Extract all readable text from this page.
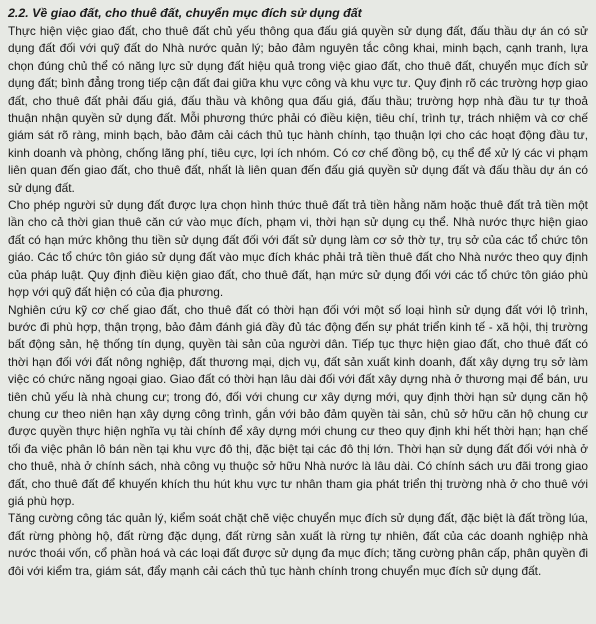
2.2. Về giao đất, cho thuê đất, chuyển mục đích sử dụng đất

Thực hiện việc giao đất, cho thuê đất chủ yếu thông qua đấu giá quyền sử dụng đất, đấu thầu dự án có sử dụng đất đối với quỹ đất do Nhà nước quản lý; bảo đảm nguyên tắc công khai, minh bạch, cạnh tranh, lựa chọn đúng chủ thể có năng lực sử dụng đất hiệu quả trong việc giao đất, cho thuê đất, chuyển mục đích sử dụng đất; bình đẳng trong tiếp cận đất đai giữa khu vực công và khu vực tư. Quy định rõ các trường hợp giao đất, cho thuê đất phải đấu giá, đấu thầu và không qua đấu giá, đấu thầu; trường hợp nhà đầu tư tự thoả thuận nhận quyền sử dụng đất. Mỗi phương thức phải có điều kiện, tiêu chí, trình tự, trách nhiệm và cơ chế giám sát rõ ràng, minh bạch, bảo đảm cải cách thủ tục hành chính, tạo thuận lợi cho các hoạt động đầu tư, kinh doanh và phòng, chống lãng phí, tiêu cực, lợi ích nhóm. Có cơ chế đồng bộ, cụ thể để xử lý các vi phạm liên quan đến giao đất, cho thuê đất, nhất là liên quan đến đấu giá quyền sử dụng đất và đấu thầu dự án có sử dụng đất.

Cho phép người sử dụng đất được lựa chọn hình thức thuê đất trả tiền hằng năm hoặc thuê đất trả tiền một lần cho cả thời gian thuê căn cứ vào mục đích, phạm vi, thời hạn sử dụng cụ thể. Nhà nước thực hiện giao đất có hạn mức không thu tiền sử dụng đất đối với đất sử dụng làm cơ sở thờ tự, trụ sở của các tổ chức tôn giáo. Các tổ chức tôn giáo sử dụng đất vào mục đích khác phải trả tiền thuê đất cho Nhà nước theo quy định của pháp luật. Quy định điều kiện giao đất, cho thuê đất, hạn mức sử dụng đối với các tổ chức tôn giáo phù hợp với quỹ đất hiện có của địa phương.

Nghiên cứu kỹ cơ chế giao đất, cho thuê đất có thời hạn đối với một số loại hình sử dụng đất với lộ trình, bước đi phù hợp, thận trọng, bảo đảm đánh giá đầy đủ tác động đến sự phát triển kinh tế - xã hội, thị trường bất động sản, hệ thống tín dụng, quyền tài sản của người dân. Tiếp tục thực hiện giao đất, cho thuê đất có thời hạn đối với đất nông nghiệp, đất thương mại, dịch vụ, đất sản xuất kinh doanh, đất xây dựng trụ sở làm việc có chức năng ngoại giao. Giao đất có thời hạn lâu dài đối với đất xây dựng nhà ở thương mại để bán, ưu tiên chủ yếu là nhà chung cư; trong đó, đối với chung cư xây dựng mới, quy định thời hạn sử dụng căn hộ chung cư theo niên hạn xây dựng công trình, gắn với bảo đảm quyền tài sản, chủ sở hữu căn hộ chung cư được quyền thực hiện nghĩa vụ tài chính để xây dựng mới chung cư theo quy định khi hết thời hạn; hạn chế tối đa việc phân lô bán nền tại khu vực đô thị, đặc biệt tại các đô thị lớn. Thời hạn sử dụng đất đối với nhà ở cho thuê, nhà ở chính sách, nhà công vụ thuộc sở hữu Nhà nước là lâu dài. Có chính sách ưu đãi trong giao đất, cho thuê đất để khuyến khích thu hút khu vực tư nhân tham gia phát triển thị trường nhà ở cho thuê với giá phù hợp.

Tăng cường công tác quản lý, kiểm soát chặt chẽ việc chuyển mục đích sử dụng đất, đặc biệt là đất trồng lúa, đất rừng phòng hộ, đất rừng đặc dụng, đất rừng sản xuất là rừng tự nhiên, đất của các doanh nghiệp nhà nước thoái vốn, cổ phần hoá và các loại đất được sử dụng đa mục đích; tăng cường phân cấp, phân quyền đi đôi với kiểm tra, giám sát, đẩy mạnh cải cách thủ tục hành chính trong chuyển mục đích sử dụng đất.
